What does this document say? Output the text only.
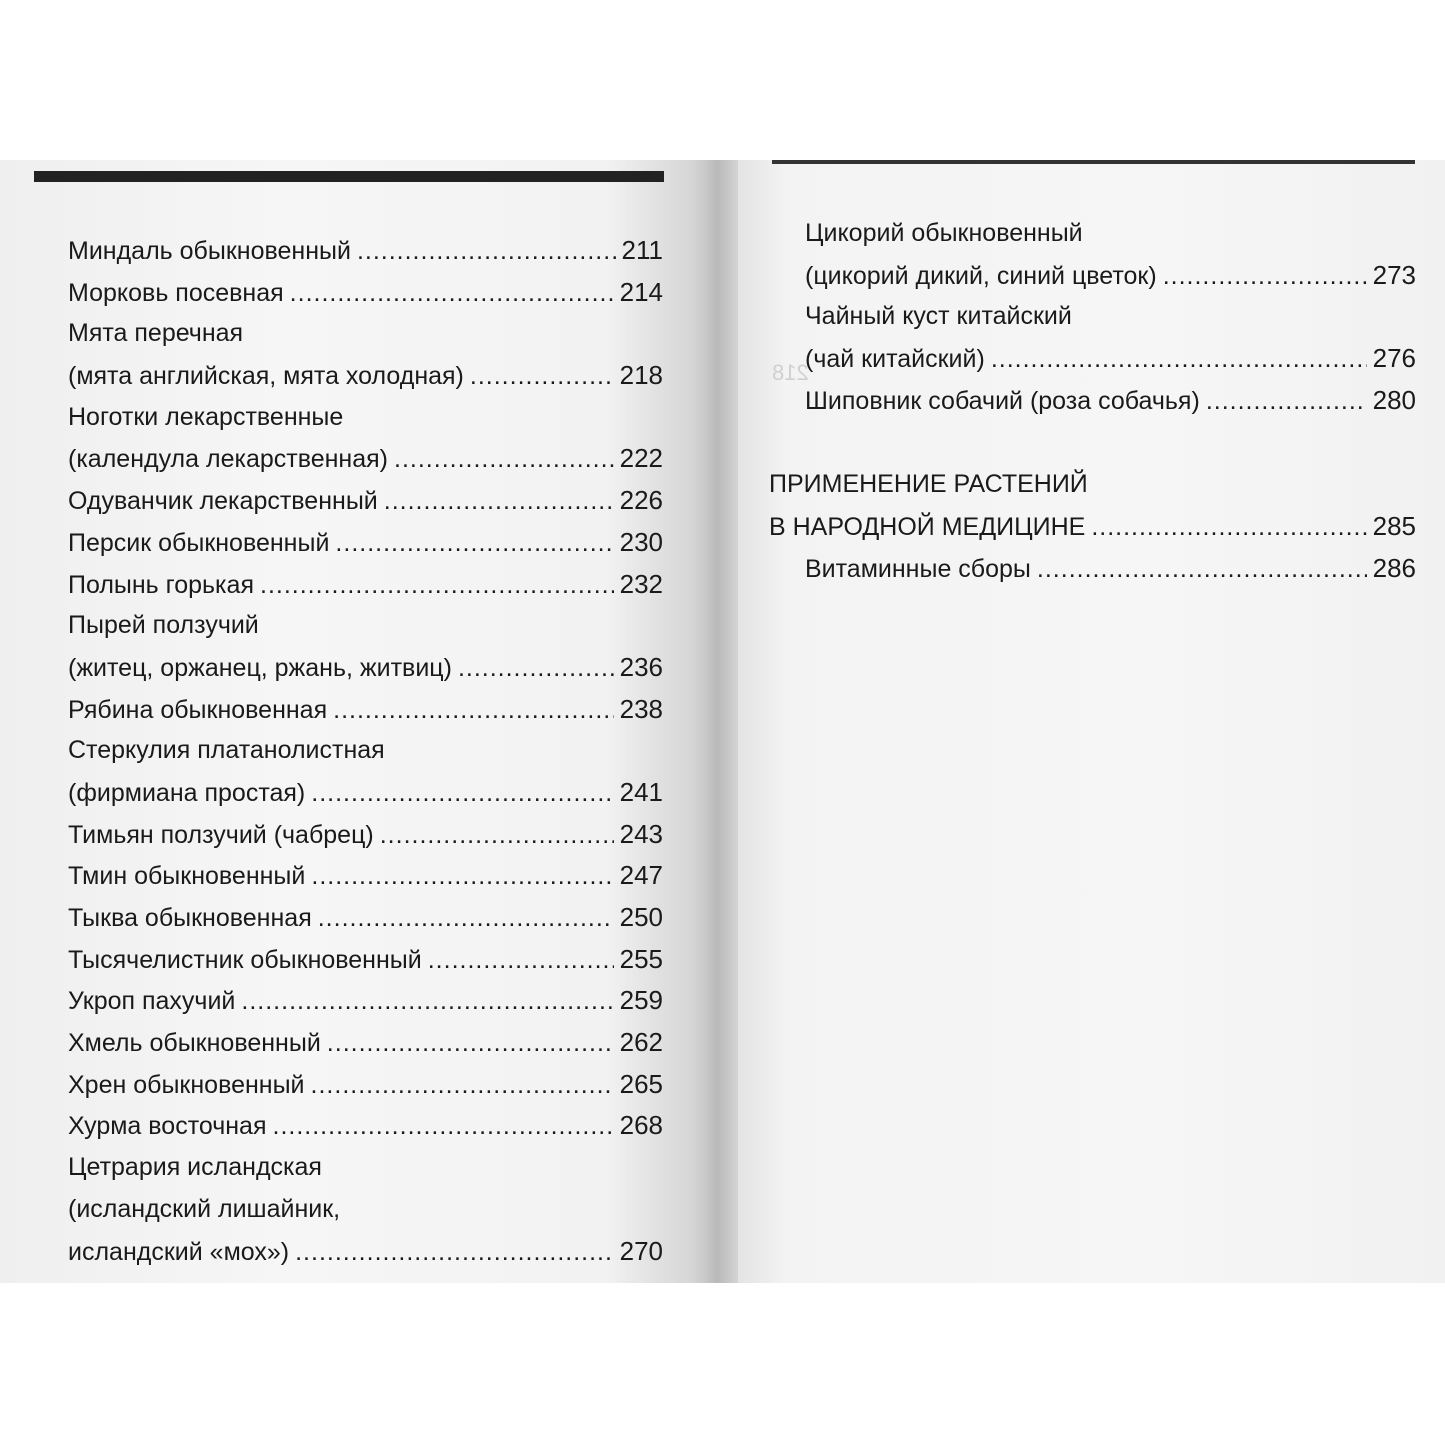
Миндаль обыкновенный .....	211
Морковь посевная .....	214
Мята перечная
(мята английская, мята холодная) .....	218
Ноготки лекарственные
(календула лекарственная) .....	222
Одуванчик лекарственный .....	226
Персик обыкновенный .....	230
Полынь горькая .....	232
Пырей ползучий
(житец, оржанец, ржань, житвиц) .....	236
Рябина обыкновенная .....	238
Стеркулия платанолистная
(фирмиана простая) .....	241
Тимьян ползучий (чабрец) .....	243
Тмин обыкновенный .....	247
Тыква обыкновенная .....	250
Тысячелистник обыкновенный .....	255
Укроп пахучий .....	259
Хмель обыкновенный .....	262
Хрен обыкновенный .....	265
Хурма восточная .....	268
Цетрария исландская
(исландский лишайник,
исландский «мох») .....	270
218
Цикорий обыкновенный
(цикорий дикий, синий цветок) .....	273
Чайный куст китайский
(чай китайский) .....	276
Шиповник собачий (роза собачья) .....	280
ПРИМЕНЕНИЕ РАСТЕНИЙ
В НАРОДНОЙ МЕДИЦИНЕ .....	285
Витаминные сборы .....	286
